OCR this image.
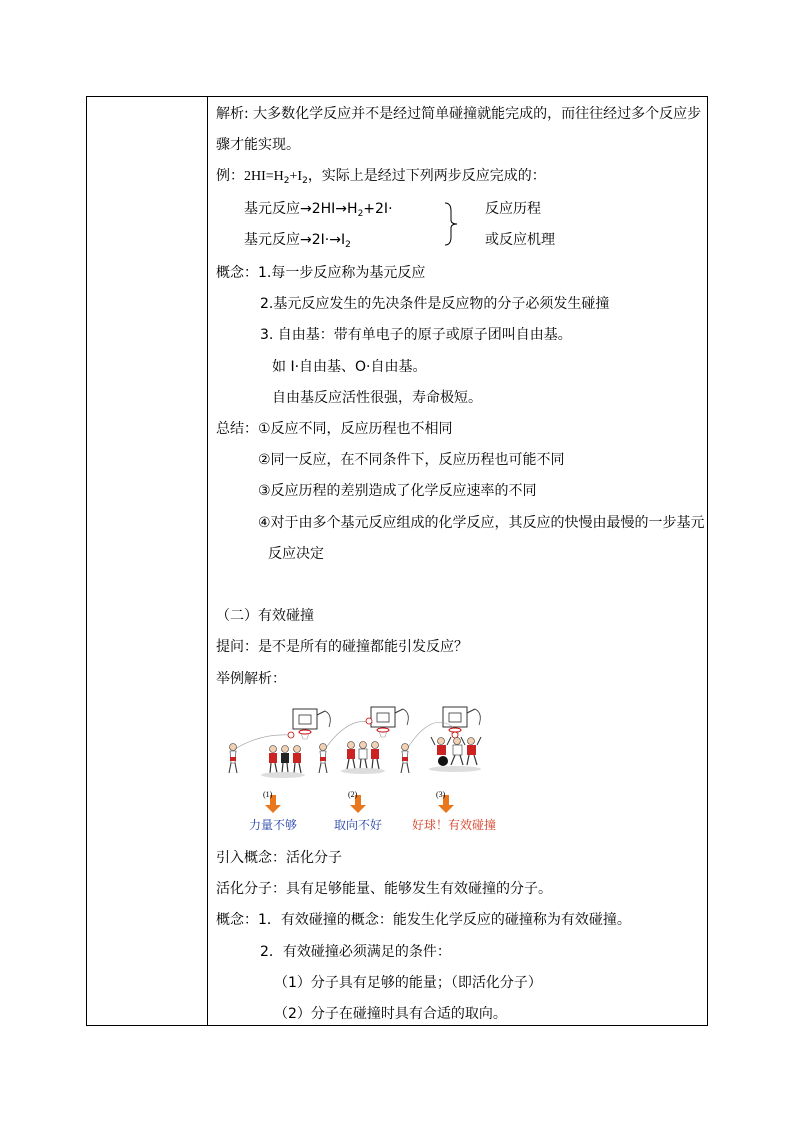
解析: 大多数化学反应并不是经过简单碰撞就能完成的，而往往经过多个反应步
骤才能实现。
例：$2HI=H_2+I_2$，实际上是经过下列两步反应完成的：
基元反应$\to 2HI\to H_2+2I\cdot$
基元反应$\to 2I\cdot\to I_2$
反应历程
或反应机理
概念：1.每一步反应称为基元反应
2.基元反应发生的先决条件是反应物的分子必须发生碰撞
3. 自由基：带有单电子的原子或原子团叫自由基。
如 I·自由基、O·自由基。
自由基反应活性很强，寿命极短。
总结：①反应不同，反应历程也不相同
②同一反应，在不同条件下，反应历程也可能不同
③反应历程的差别造成了化学反应速率的不同
④对于由多个基元反应组成的化学反应，其反应的快慢由最慢的一步基元
反应决定
（二）有效碰撞
提问：是不是所有的碰撞都能引发反应？
举例解析：
(1)	(2)	(3)
力量不够	取向不好 好球！有效碰撞
引入概念：活化分子
活化分子：具有足够能量、能够发生有效碰撞的分子。
概念：1．有效碰撞的概念：能发生化学反应的碰撞称为有效碰撞。
2．有效碰撞必须满足的条件：
（1）分子具有足够的能量；（即活化分子）
（2）分子在碰撞时具有合适的取向。
